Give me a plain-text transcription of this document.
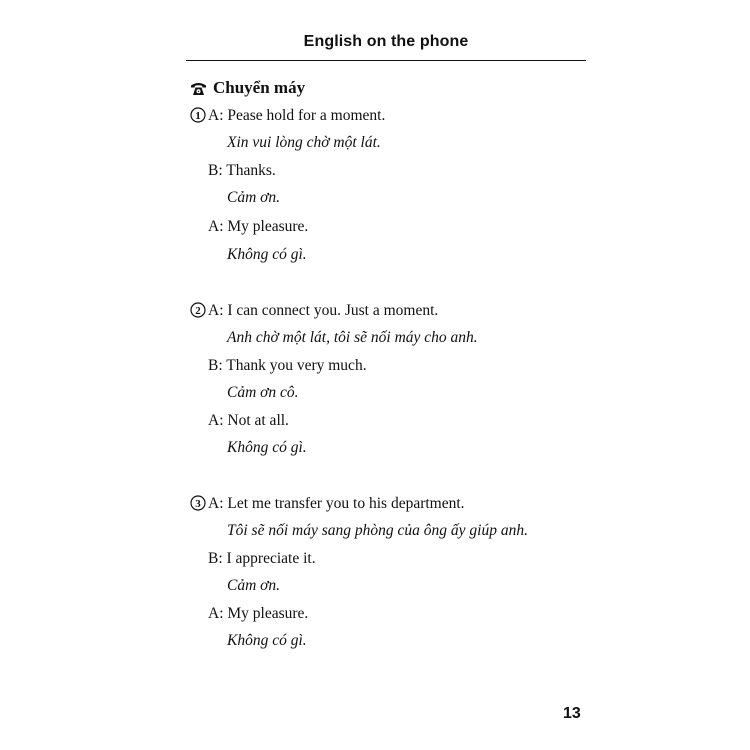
English on the phone
Chuyển máy
1 A: Pease hold for a moment.
Xin vui lòng chờ một lát.
B: Thanks.
Cảm ơn.
A: My pleasure.
Không có gì.
2 A: I can connect you. Just a moment.
Anh chờ một lát, tôi sẽ nối máy cho anh.
B: Thank you very much.
Cảm ơn cô.
A: Not at all.
Không có gì.
3 A: Let me transfer you to his department.
Tôi sẽ nối máy sang phòng của ông ấy giúp anh.
B: I appreciate it.
Cảm ơn.
A: My pleasure.
Không có gì.
13
